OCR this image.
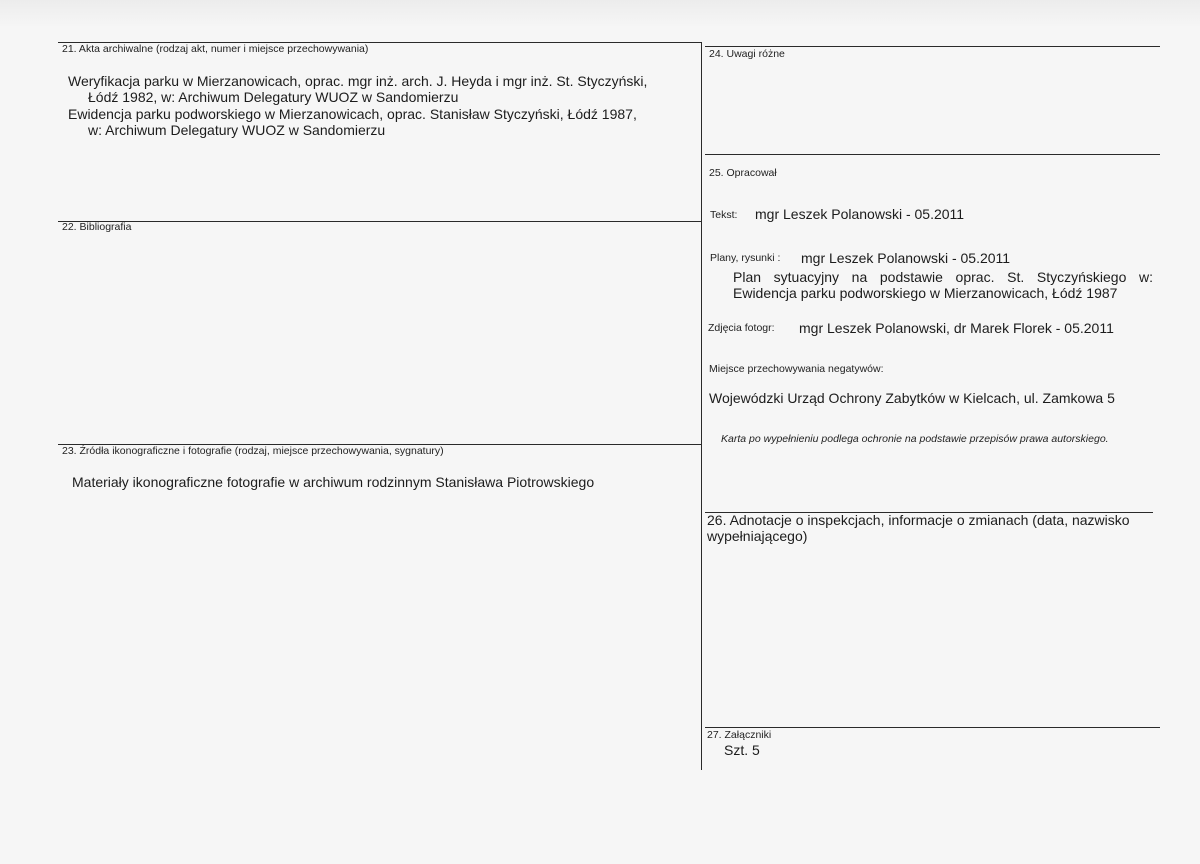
21. Akta archiwalne (rodzaj akt, numer i miejsce przechowywania)
Weryfikacja parku w Mierzanowicach, oprac. mgr inż. arch. J. Heyda i mgr inż. St. Styczyński,
Łódź 1982, w: Archiwum Delegatury WUOZ w Sandomierzu
Ewidencja parku podworskiego w Mierzanowicach, oprac. Stanisław Styczyński, Łódź 1987,
w: Archiwum Delegatury WUOZ w Sandomierzu
22. Bibliografia
23. Źródła ikonograficzne i fotografie (rodzaj, miejsce przechowywania, sygnatury)
Materiały ikonograficzne fotografie w archiwum rodzinnym Stanisława Piotrowskiego
24. Uwagi różne
25. Opracował
Tekst: mgr Leszek Polanowski - 05.2011
Plany, rysunki : mgr Leszek Polanowski - 05.2011
Plan sytuacyjny na podstawie oprac. St. Styczyńskiego w:
Ewidencja parku podworskiego w Mierzanowicach, Łódź 1987
Zdjęcia fotogr: mgr Leszek Polanowski, dr Marek Florek - 05.2011
Miejsce przechowywania negatywów:
Wojewódzki Urząd Ochrony Zabytków w Kielcach, ul. Zamkowa 5
Karta po wypełnieniu podlega ochronie na podstawie przepisów prawa autorskiego.
26. Adnotacje o inspekcjach, informacje o zmianach (data, nazwisko
wypełniającego)
27. Załączniki
Szt. 5
